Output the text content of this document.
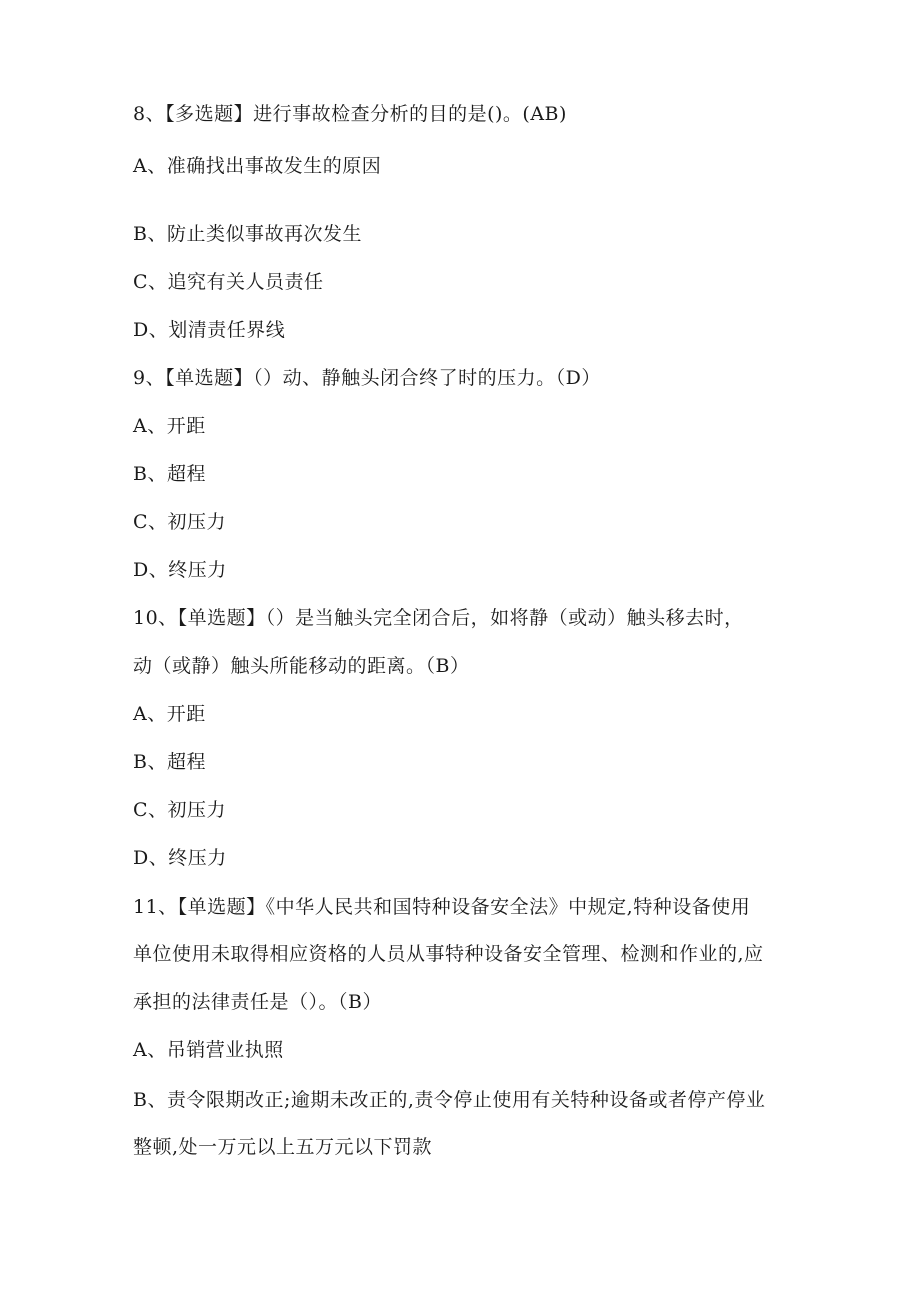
8、【多选题】进行事故检查分析的目的是()。(AB)
A、准确找出事故发生的原因
B、防止类似事故再次发生
C、追究有关人员责任
D、划清责任界线
9、【单选题】（）动、静触头闭合终了时的压力。（D）
A、开距
B、超程
C、初压力
D、终压力
10、【单选题】（）是当触头完全闭合后，如将静（或动）触头移去时，
动（或静）触头所能移动的距离。（B）
A、开距
B、超程
C、初压力
D、终压力
11、【单选题】《中华人民共和国特种设备安全法》中规定,特种设备使用
单位使用未取得相应资格的人员从事特种设备安全管理、检测和作业的,应
承担的法律责任是（）。（B）
A、吊销营业执照
B、责令限期改正;逾期未改正的,责令停止使用有关特种设备或者停产停业
整顿,处一万元以上五万元以下罚款
